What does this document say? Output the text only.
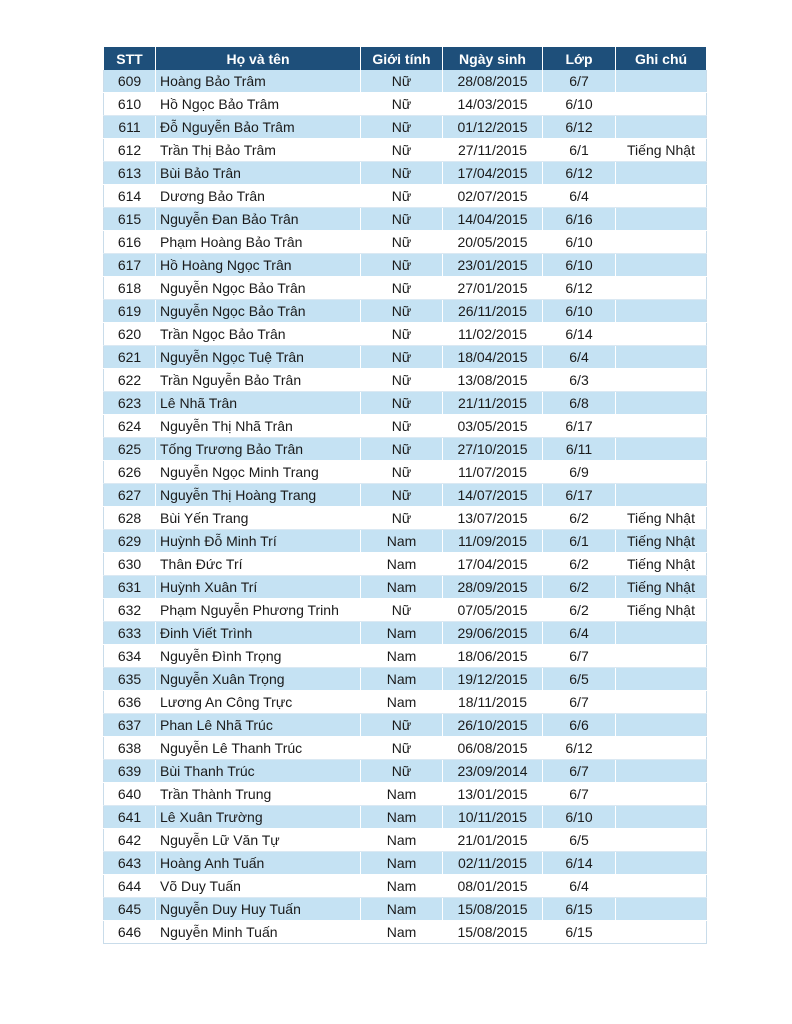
STT	Họ và tên	Giới tính	Ngày sinh	Lớp	Ghi chú
609	Hoàng Bảo Trâm	Nữ	28/08/2015	6/7	
610	Hồ Ngọc Bảo Trâm	Nữ	14/03/2015	6/10	
611	Đỗ Nguyễn Bảo Trâm	Nữ	01/12/2015	6/12	
612	Trần Thị Bảo Trâm	Nữ	27/11/2015	6/1	Tiếng Nhật
613	Bùi Bảo Trân	Nữ	17/04/2015	6/12	
614	Dương Bảo Trân	Nữ	02/07/2015	6/4	
615	Nguyễn Đan Bảo Trân	Nữ	14/04/2015	6/16	
616	Phạm Hoàng Bảo Trân	Nữ	20/05/2015	6/10	
617	Hồ Hoàng Ngọc Trân	Nữ	23/01/2015	6/10	
618	Nguyễn Ngọc Bảo Trân	Nữ	27/01/2015	6/12	
619	Nguyễn Ngọc Bảo Trân	Nữ	26/11/2015	6/10	
620	Trần Ngọc Bảo Trân	Nữ	11/02/2015	6/14	
621	Nguyễn Ngọc Tuệ Trân	Nữ	18/04/2015	6/4	
622	Trần Nguyễn Bảo Trân	Nữ	13/08/2015	6/3	
623	Lê Nhã Trân	Nữ	21/11/2015	6/8	
624	Nguyễn Thị Nhã Trân	Nữ	03/05/2015	6/17	
625	Tống Trương Bảo Trân	Nữ	27/10/2015	6/11	
626	Nguyễn Ngọc Minh Trang	Nữ	11/07/2015	6/9	
627	Nguyễn Thị Hoàng Trang	Nữ	14/07/2015	6/17	
628	Bùi Yến Trang	Nữ	13/07/2015	6/2	Tiếng Nhật
629	Huỳnh Đỗ Minh Trí	Nam	11/09/2015	6/1	Tiếng Nhật
630	Thân Đức Trí	Nam	17/04/2015	6/2	Tiếng Nhật
631	Huỳnh Xuân Trí	Nam	28/09/2015	6/2	Tiếng Nhật
632	Phạm Nguyễn Phương Trinh	Nữ	07/05/2015	6/2	Tiếng Nhật
633	Đinh Viết Trình	Nam	29/06/2015	6/4	
634	Nguyễn Đình Trọng	Nam	18/06/2015	6/7	
635	Nguyễn Xuân Trọng	Nam	19/12/2015	6/5	
636	Lương An Công Trực	Nam	18/11/2015	6/7	
637	Phan Lê Nhã Trúc	Nữ	26/10/2015	6/6	
638	Nguyễn Lê Thanh Trúc	Nữ	06/08/2015	6/12	
639	Bùi Thanh Trúc	Nữ	23/09/2014	6/7	
640	Trần Thành Trung	Nam	13/01/2015	6/7	
641	Lê Xuân Trường	Nam	10/11/2015	6/10	
642	Nguyễn Lữ Văn Tự	Nam	21/01/2015	6/5	
643	Hoàng Anh Tuấn	Nam	02/11/2015	6/14	
644	Võ Duy Tuấn	Nam	08/01/2015	6/4	
645	Nguyễn Duy Huy Tuấn	Nam	15/08/2015	6/15	
646	Nguyễn Minh Tuấn	Nam	15/08/2015	6/15	
